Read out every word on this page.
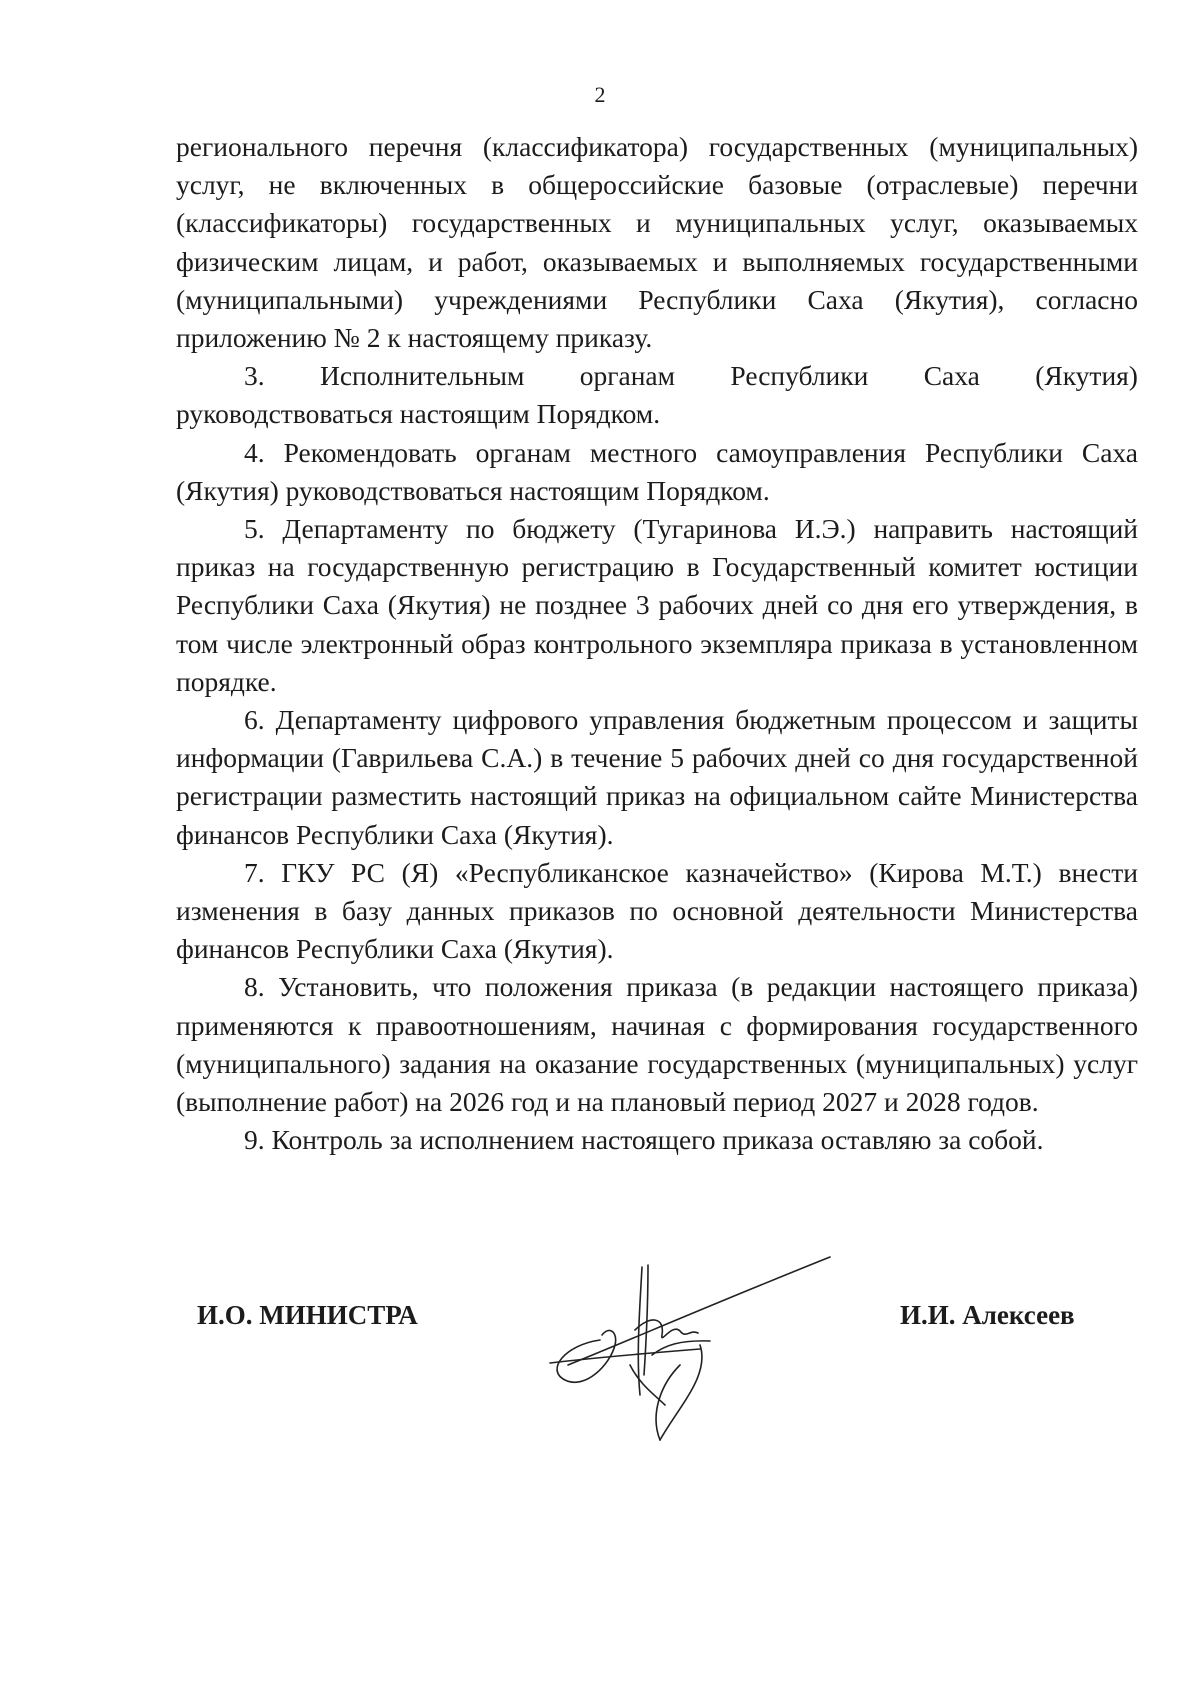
2

регионального перечня (классификатора) государственных (муниципальных) услуг, не включенных в общероссийские базовые (отраслевые) перечни (классификаторы) государственных и муниципальных услуг, оказываемых физическим лицам, и работ, оказываемых и выполняемых государственными (муниципальными) учреждениями Республики Саха (Якутия), согласно приложению № 2 к настоящему приказу.

3. Исполнительным органам Республики Саха (Якутия)

руководствоваться настоящим Порядком.

4. Рекомендовать органам местного самоуправления Республики Саха (Якутия) руководствоваться настоящим Порядком.

5. Департаменту по бюджету (Тугаринова И.Э.) направить настоящий приказ на государственную регистрацию в Государственный комитет юстиции Республики Саха (Якутия) не позднее 3 рабочих дней со дня его утверждения, в том числе электронный образ контрольного экземпляра приказа в установленном порядке.

6. Департаменту цифрового управления бюджетным процессом и защиты информации (Гаврильева С.А.) в течение 5 рабочих дней со дня государственной регистрации разместить настоящий приказ на официальном сайте Министерства финансов Республики Саха (Якутия).

7. ГКУ РС (Я) «Республиканское казначейство» (Кирова М.Т.) внести изменения в базу данных приказов по основной деятельности Министерства финансов Республики Саха (Якутия).

8. Установить, что положения приказа (в редакции настоящего приказа) применяются к правоотношениям, начиная с формирования государственного (муниципального) задания на оказание государственных (муниципальных) услуг (выполнение работ) на 2026 год и на плановый период 2027 и 2028 годов.

9. Контроль за исполнением настоящего приказа оставляю за собой.

И.О. МИНИСТРА	И.И. Алексеев
